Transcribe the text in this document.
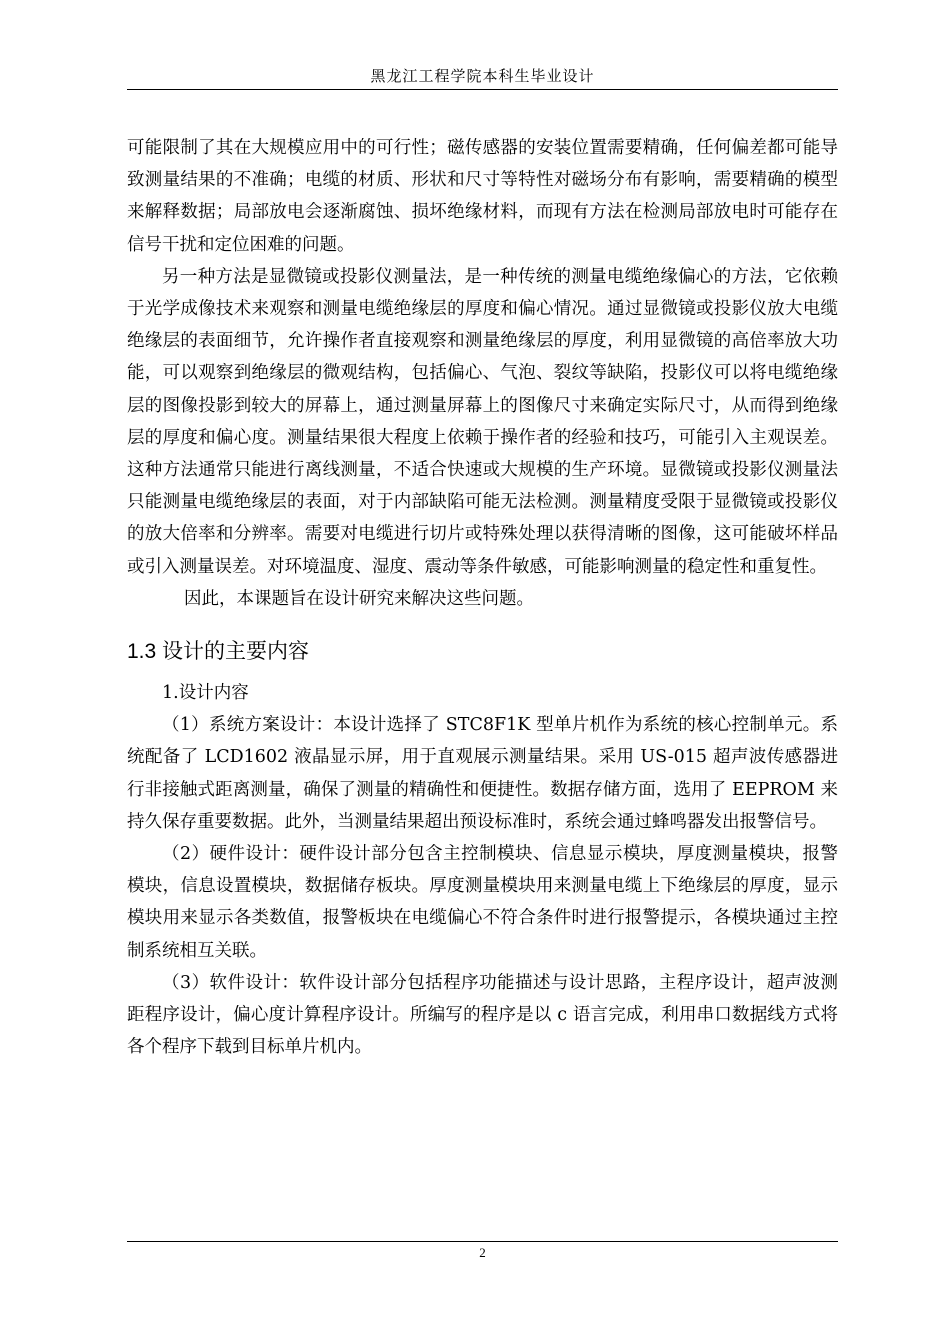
黑龙江工程学院本科生毕业设计

可能限制了其在大规模应用中的可行性；磁传感器的安装位置需要精确，任何偏差都可能导致测量结果的不准确；电缆的材质、形状和尺寸等特性对磁场分布有影响，需要精确的模型来解释数据；局部放电会逐渐腐蚀、损坏绝缘材料，而现有方法在检测局部放电时可能存在信号干扰和定位困难的问题。

另一种方法是显微镜或投影仪测量法，是一种传统的测量电缆绝缘偏心的方法，它依赖于光学成像技术来观察和测量电缆绝缘层的厚度和偏心情况。通过显微镜或投影仪放大电缆绝缘层的表面细节，允许操作者直接观察和测量绝缘层的厚度，利用显微镜的高倍率放大功能，可以观察到绝缘层的微观结构，包括偏心、气泡、裂纹等缺陷，投影仪可以将电缆绝缘层的图像投影到较大的屏幕上，通过测量屏幕上的图像尺寸来确定实际尺寸，从而得到绝缘层的厚度和偏心度。测量结果很大程度上依赖于操作者的经验和技巧，可能引入主观误差。这种方法通常只能进行离线测量，不适合快速或大规模的生产环境。显微镜或投影仪测量法只能测量电缆绝缘层的表面，对于内部缺陷可能无法检测。测量精度受限于显微镜或投影仪的放大倍率和分辨率。需要对电缆进行切片或特殊处理以获得清晰的图像，这可能破坏样品或引入测量误差。对环境温度、湿度、震动等条件敏感，可能影响测量的稳定性和重复性。

因此，本课题旨在设计研究来解决这些问题。

1.3 设计的主要内容

1.设计内容

（1）系统方案设计：本设计选择了 STC8F1K 型单片机作为系统的核心控制单元。系统配备了 LCD1602 液晶显示屏，用于直观展示测量结果。采用 US-015 超声波传感器进行非接触式距离测量，确保了测量的精确性和便捷性。数据存储方面，选用了 EEPROM 来持久保存重要数据。此外，当测量结果超出预设标准时，系统会通过蜂鸣器发出报警信号。

（2）硬件设计：硬件设计部分包含主控制模块、信息显示模块，厚度测量模块，报警模块，信息设置模块，数据储存板块。厚度测量模块用来测量电缆上下绝缘层的厚度，显示模块用来显示各类数值，报警板块在电缆偏心不符合条件时进行报警提示，各模块通过主控制系统相互关联。

（3）软件设计：软件设计部分包括程序功能描述与设计思路，主程序设计，超声波测距程序设计，偏心度计算程序设计。所编写的程序是以 c 语言完成，利用串口数据线方式将各个程序下载到目标单片机内。

2
